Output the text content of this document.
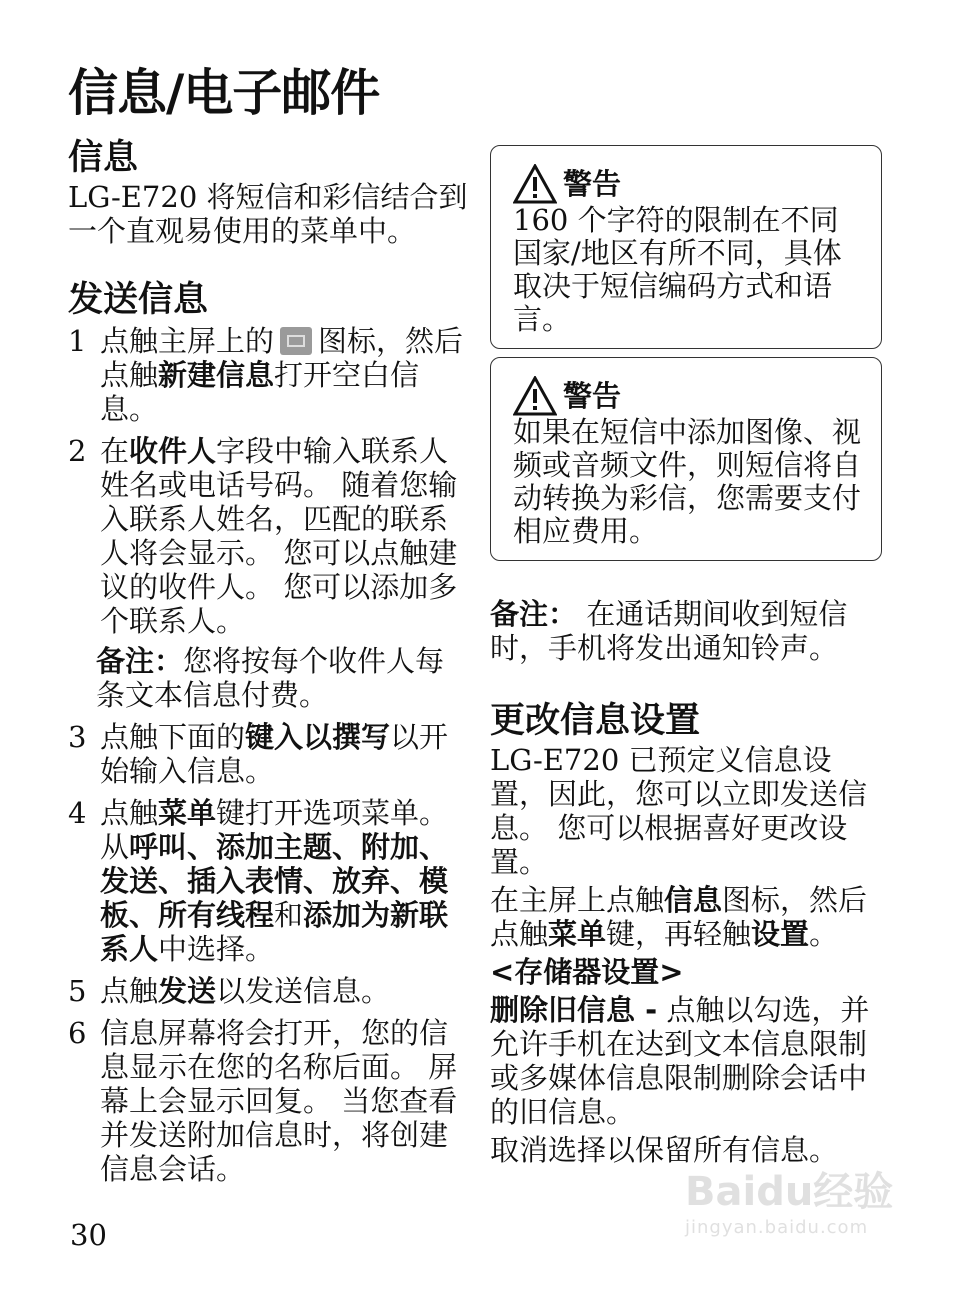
信息/电子邮件
信息

LG-E720 将短信和彩信结合到一个直观易使用的菜单中。

发送信息
1 点触主屏上的 图标，然后点触新建信息打开空白信息。
2 在收件人字段中输入联系人姓名或电话号码。 随着您输入联系人姓名，匹配的联系人将会显示。 您可以点触建议的收件人。 您可以添加多个联系人。

备注：您将按每个收件人每条文本信息付费。

3 点触下面的键入以撰写以开始输入信息。
4 点触菜单键打开选项菜单。 从呼叫、添加主题、附加、发送、插入表情、放弃、模板、所有线程和添加为新联系人中选择。
5 点触发送以发送信息。
6 信息屏幕将会打开，您的信息显示在您的名称后面。 屏幕上会显示回复。 当您查看并发送附加信息时，将创建信息会话。
警告
160 个字符的限制在不同国家/地区有所不同，具体取决于短信编码方式和语言。
警告
如果在短信中添加图像、视频或音频文件，则短信将自动转换为彩信，您需要支付相应费用。

备注： 在通话期间收到短信时，手机将发出通知铃声。

更改信息设置

LG-E720 已预定义信息设置，因此，您可以立即发送信息。 您可以根据喜好更改设置。

在主屏上点触信息图标，然后点触菜单键，再轻触设置。

<存储器设置>

删除旧信息 - 点触以勾选，并允许手机在达到文本信息限制或多媒体信息限制删除会话中的旧信息。

取消选择以保留所有信息。

30
Baidu经验
jingyan.baidu.com
